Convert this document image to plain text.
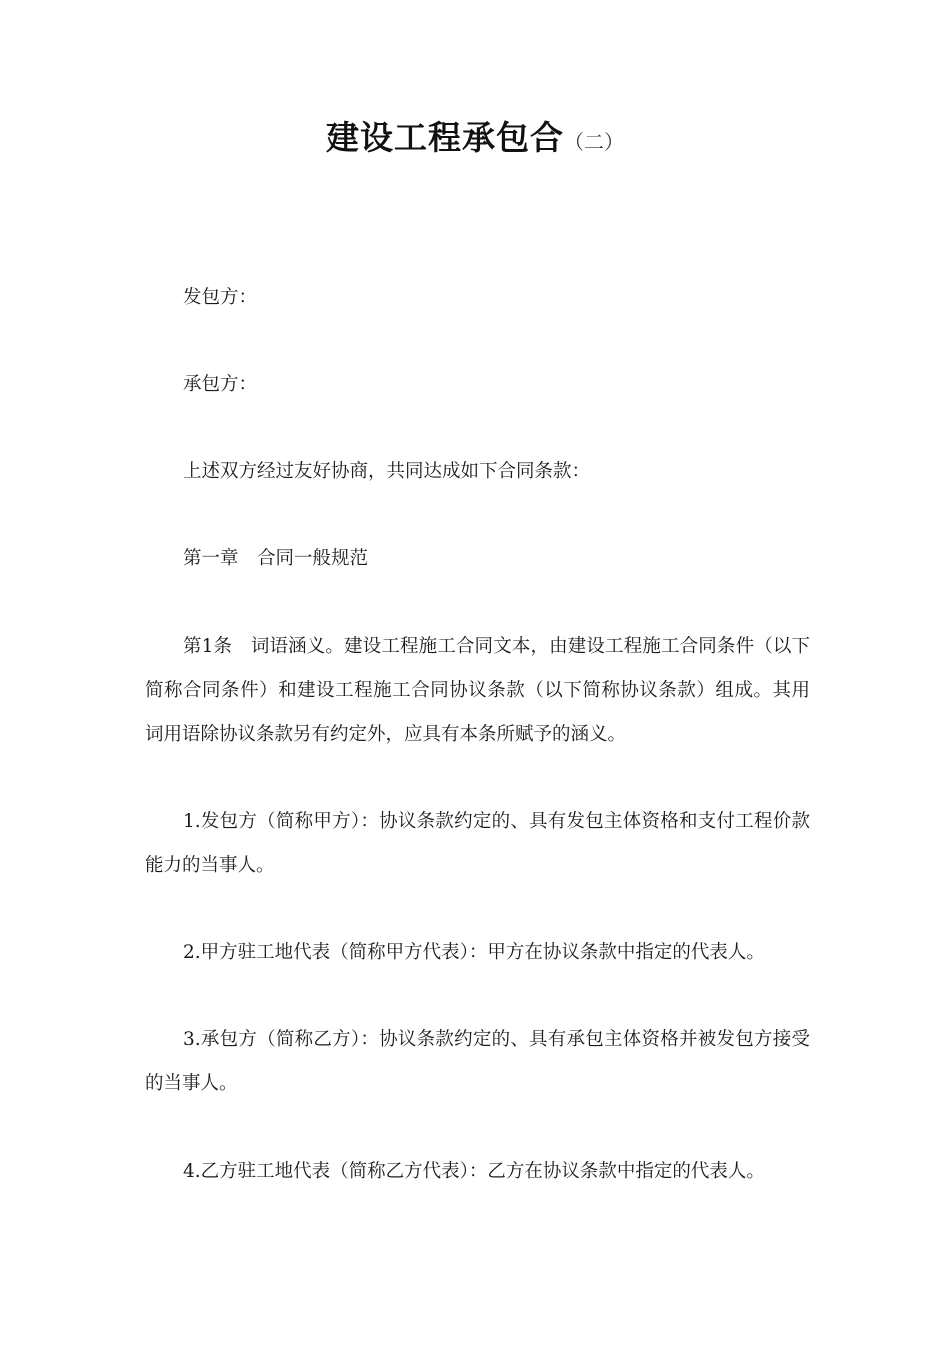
建设工程承包合（二）

发包方：

承包方：

上述双方经过友好协商，共同达成如下合同条款：

第一章　合同一般规范

第1条　词语涵义。建设工程施工合同文本，由建设工程施工合同条件（以下简称合同条件）和建设工程施工合同协议条款（以下简称协议条款）组成。其用词用语除协议条款另有约定外，应具有本条所赋予的涵义。

1.发包方（简称甲方）：协议条款约定的、具有发包主体资格和支付工程价款能力的当事人。

2.甲方驻工地代表（简称甲方代表）：甲方在协议条款中指定的代表人。

3.承包方（简称乙方）：协议条款约定的、具有承包主体资格并被发包方接受的当事人。

4.乙方驻工地代表（简称乙方代表）：乙方在协议条款中指定的代表人。
